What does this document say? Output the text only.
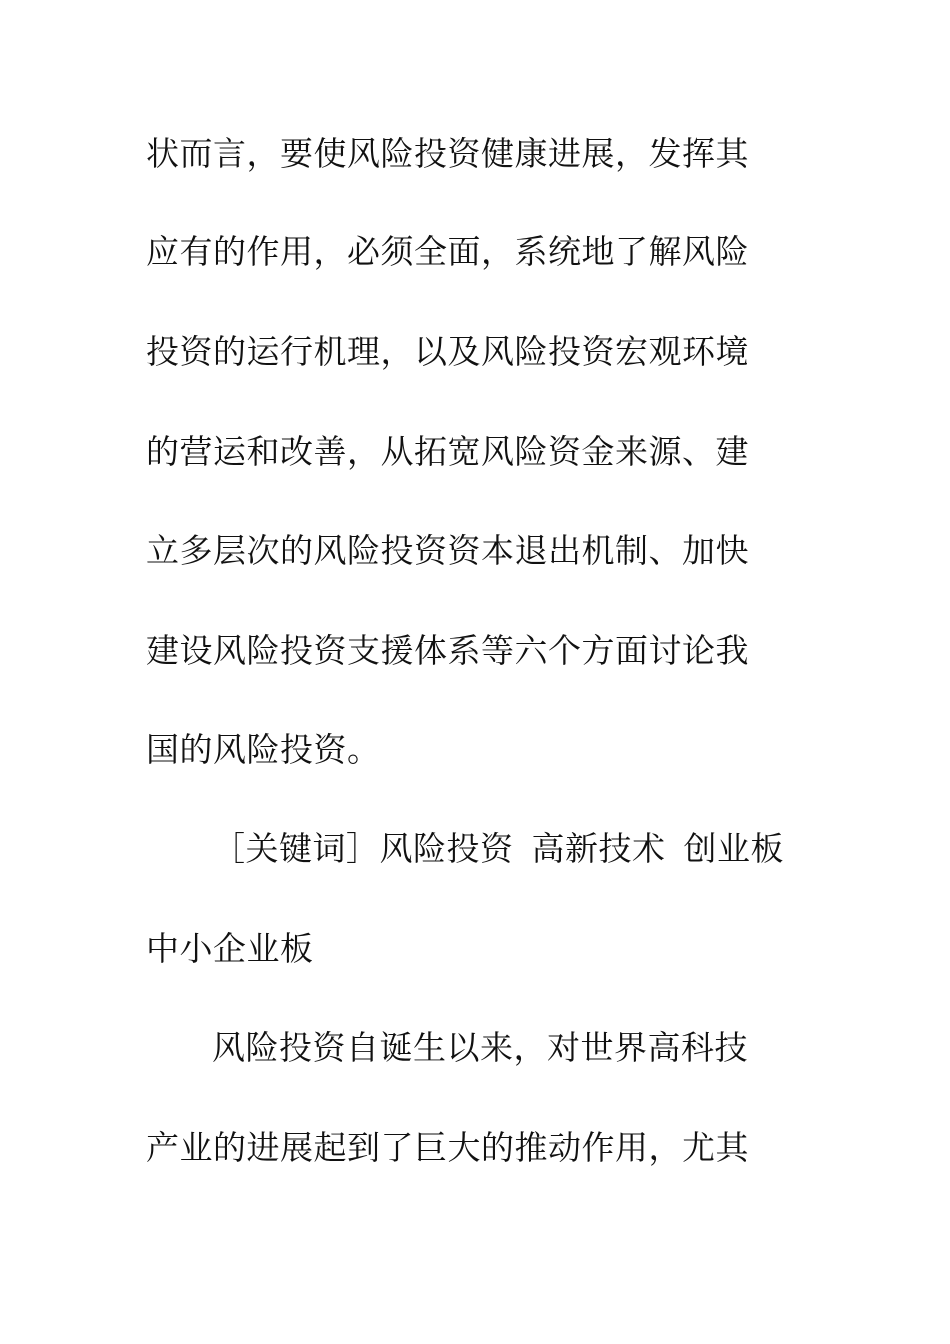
状而言，要使风险投资健康进展，发挥其
应有的作用，必须全面，系统地了解风险
投资的运行机理，以及风险投资宏观环境
的营运和改善，从拓宽风险资金来源、建
立多层次的风险投资资本退出机制、加快
建设风险投资支援体系等六个方面讨论我
国的风险投资。
［关键词］风险投资 高新技术 创业板
中小企业板
风险投资自诞生以来，对世界高科技
产业的进展起到了巨大的推动作用，尤其
